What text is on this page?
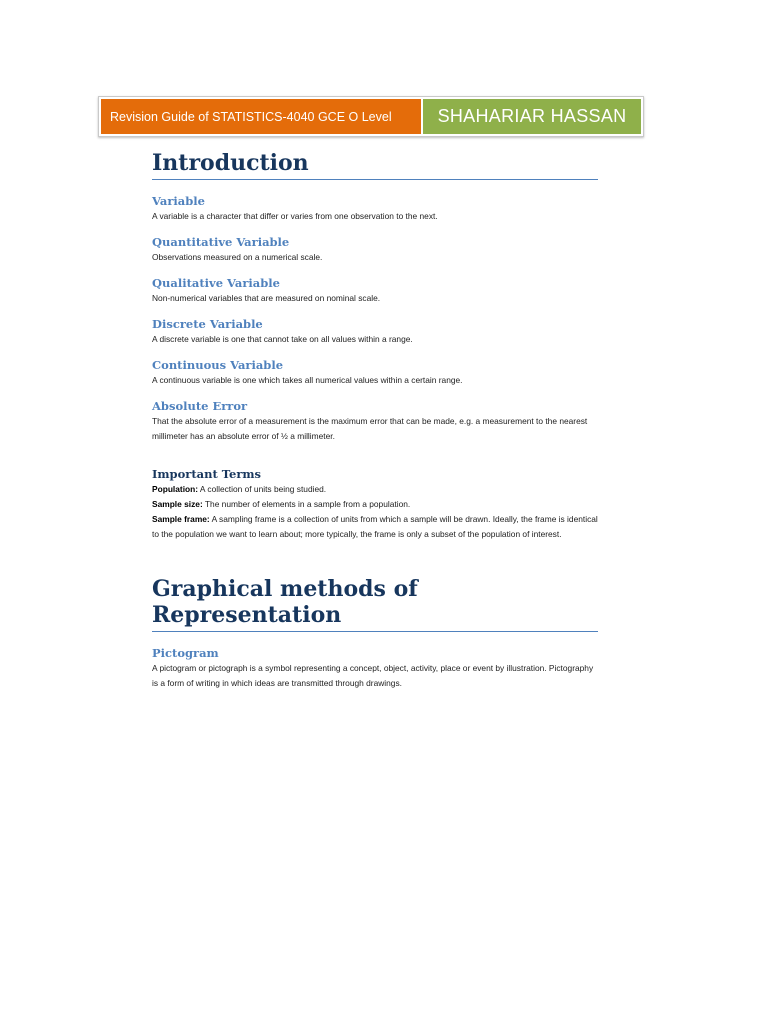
Revision Guide of STATISTICS-4040 GCE O Level	SHAHARIAR HASSAN
Introduction
Variable

A variable is a character that differ or varies from one observation to the next.

Quantitative Variable

Observations measured on a numerical scale.

Qualitative Variable

Non-numerical variables that are measured on nominal scale.

Discrete Variable

A discrete variable is one that cannot take on all values within a range.

Continuous Variable

A continuous variable is one which takes all numerical values within a certain range.

Absolute Error

That the absolute error of a measurement is the maximum error that can be made, e.g. a measurement to the nearest millimeter has an absolute error of ½ a millimeter.

Important Terms

Population: A collection of units being studied.

Sample size: The number of elements in a sample from a population.

Sample frame: A sampling frame is a collection of units from which a sample will be drawn. Ideally, the frame is identical to the population we want to learn about; more typically, the frame is only a subset of the population of interest.

Graphical methods of Representation
Pictogram

A pictogram or pictograph is a symbol representing a concept, object, activity, place or event by illustration. Pictography is a form of writing in which ideas are transmitted through drawings.
